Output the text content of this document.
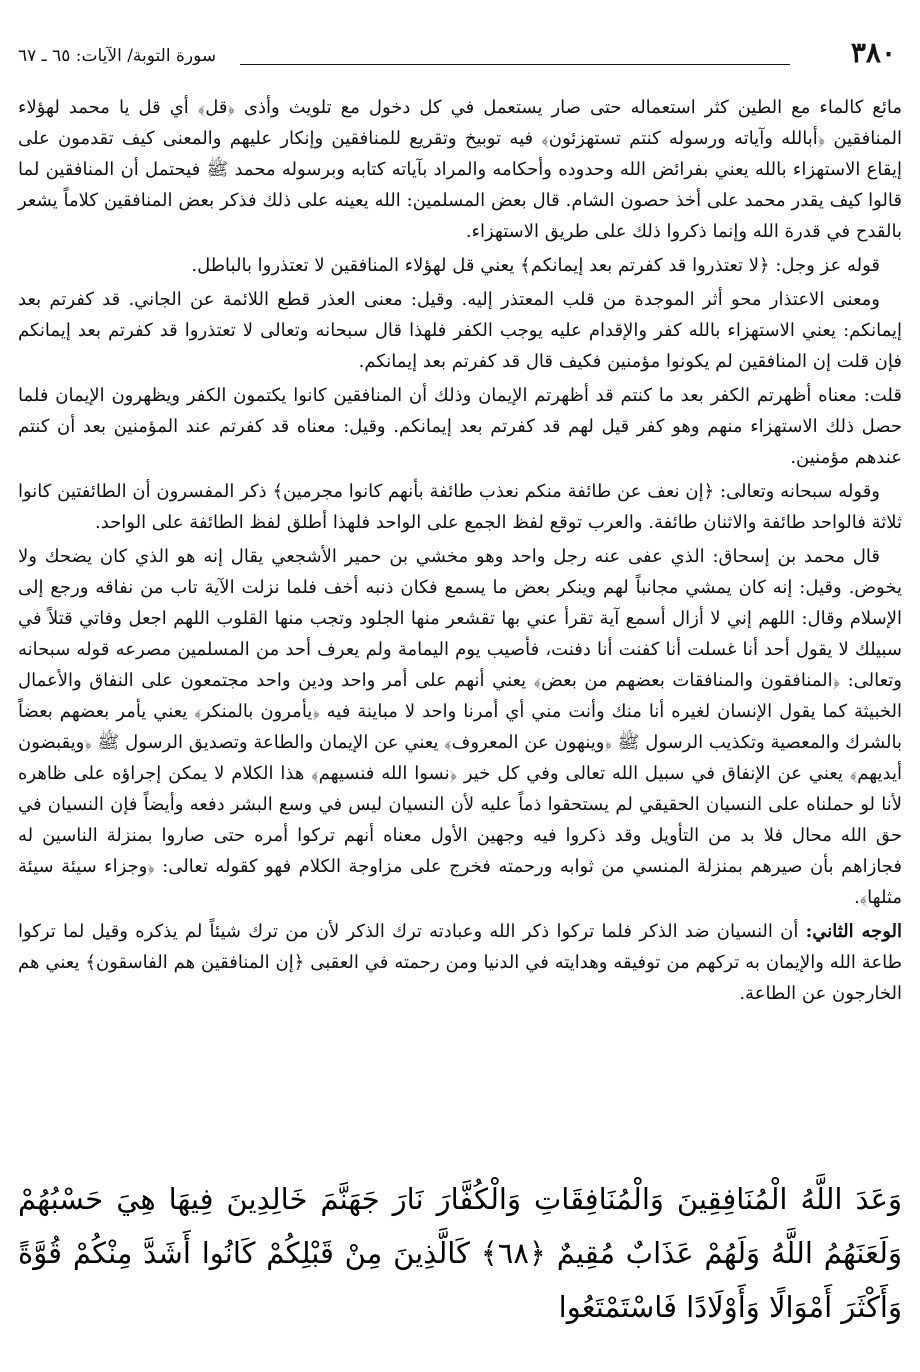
سورة التوبة/ الآيات: ٦٥ ـ ٦٧	٣٨٠

مائع كالماء مع الطين كثر استعماله حتى صار يستعمل في كل دخول مع تلويث وأذى ﴿قل﴾ أي قل يا محمد لهؤلاء المنافقين ﴿أبالله وآياته ورسوله كنتم تستهزئون﴾ فيه توبيخ وتقريع للمنافقين وإنكار عليهم والمعنى كيف تقدمون على إيقاع الاستهزاء بالله يعني بفرائض الله وحدوده وأحكامه والمراد بآياته كتابه وبرسوله محمد ﷺ فيحتمل أن المنافقين لما قالوا كيف يقدر محمد على أخذ حصون الشام. قال بعض المسلمين: الله يعينه على ذلك فذكر بعض المنافقين كلاماً يشعر بالقدح في قدرة الله وإنما ذكروا ذلك على طريق الاستهزاء.

قوله عز وجل: ﴿لا تعتذروا قد كفرتم بعد إيمانكم﴾ يعني قل لهؤلاء المنافقين لا تعتذروا بالباطل.

ومعنى الاعتذار محو أثر الموجدة من قلب المعتذر إليه. وقيل: معنى العذر قطع اللائمة عن الجاني. قد كفرتم بعد إيمانكم: يعني الاستهزاء بالله كفر والإقدام عليه يوجب الكفر فلهذا قال سبحانه وتعالى لا تعتذروا قد كفرتم بعد إيمانكم فإن قلت إن المنافقين لم يكونوا مؤمنين فكيف قال قد كفرتم بعد إيمانكم.

قلت: معناه أظهرتم الكفر بعد ما كنتم قد أظهرتم الإيمان وذلك أن المنافقين كانوا يكتمون الكفر ويظهرون الإيمان فلما حصل ذلك الاستهزاء منهم وهو كفر قيل لهم قد كفرتم بعد إيمانكم. وقيل: معناه قد كفرتم عند المؤمنين بعد أن كنتم عندهم مؤمنين.

وقوله سبحانه وتعالى: ﴿إن نعف عن طائفة منكم نعذب طائفة بأنهم كانوا مجرمين﴾ ذكر المفسرون أن الطائفتين كانوا ثلاثة فالواحد طائفة والاثنان طائفة. والعرب توقع لفظ الجمع على الواحد فلهذا أطلق لفظ الطائفة على الواحد.

قال محمد بن إسحاق: الذي عفى عنه رجل واحد وهو مخشي بن حمير الأشجعي يقال إنه هو الذي كان يضحك ولا يخوض. وقيل: إنه كان يمشي مجانباً لهم وينكر بعض ما يسمع فكان ذنبه أخف فلما نزلت الآية تاب من نفاقه ورجع إلى الإسلام وقال: اللهم إني لا أزال أسمع آية تقرأ عني بها تقشعر منها الجلود وتجب منها القلوب اللهم اجعل وفاتي قتلاً في سبيلك لا يقول أحد أنا غسلت أنا كفنت أنا دفنت، فأصيب يوم اليمامة ولم يعرف أحد من المسلمين مصرعه قوله سبحانه وتعالى: ﴿المنافقون والمنافقات بعضهم من بعض﴾ يعني أنهم على أمر واحد ودين واحد مجتمعون على النفاق والأعمال الخبيثة كما يقول الإنسان لغيره أنا منك وأنت مني أي أمرنا واحد لا مباينة فيه ﴿يأمرون بالمنكر﴾ يعني يأمر بعضهم بعضاً بالشرك والمعصية وتكذيب الرسول ﷺ ﴿وينهون عن المعروف﴾ يعني عن الإيمان والطاعة وتصديق الرسول ﷺ ﴿ويقبضون أيديهم﴾ يعني عن الإنفاق في سبيل الله تعالى وفي كل خير ﴿نسوا الله فنسيهم﴾ هذا الكلام لا يمكن إجراؤه على ظاهره لأنا لو حملناه على النسيان الحقيقي لم يستحقوا ذماً عليه لأن النسيان ليس في وسع البشر دفعه وأيضاً فإن النسيان في حق الله محال فلا بد من التأويل وقد ذكروا فيه وجهين الأول معناه أنهم تركوا أمره حتى صاروا بمنزلة الناسين له فجازاهم بأن صيرهم بمنزلة المنسي من ثوابه ورحمته فخرج على مزاوجة الكلام فهو كقوله تعالى: ﴿وجزاء سيئة سيئة مثلها﴾.

الوجه الثاني: أن النسيان ضد الذكر فلما تركوا ذكر الله وعبادته ترك الذكر لأن من ترك شيئاً لم يذكره وقيل لما تركوا طاعة الله والإيمان به تركهم من توفيقه وهدايته في الدنيا ومن رحمته في العقبى ﴿إن المنافقين هم الفاسقون﴾ يعني هم الخارجون عن الطاعة.

وَعَدَ اللَّهُ الْمُنَافِقِينَ وَالْمُنَافِقَاتِ وَالْكُفَّارَ نَارَ جَهَنَّمَ خَالِدِينَ فِيهَا هِيَ حَسْبُهُمْ وَلَعَنَهُمُ اللَّهُ وَلَهُمْ عَذَابٌ مُقِيمٌ ﴿٦٨﴾ كَالَّذِينَ مِنْ قَبْلِكُمْ كَانُوا أَشَدَّ مِنْكُمْ قُوَّةً وَأَكْثَرَ أَمْوَالًا وَأَوْلَادًا فَاسْتَمْتَعُوا
